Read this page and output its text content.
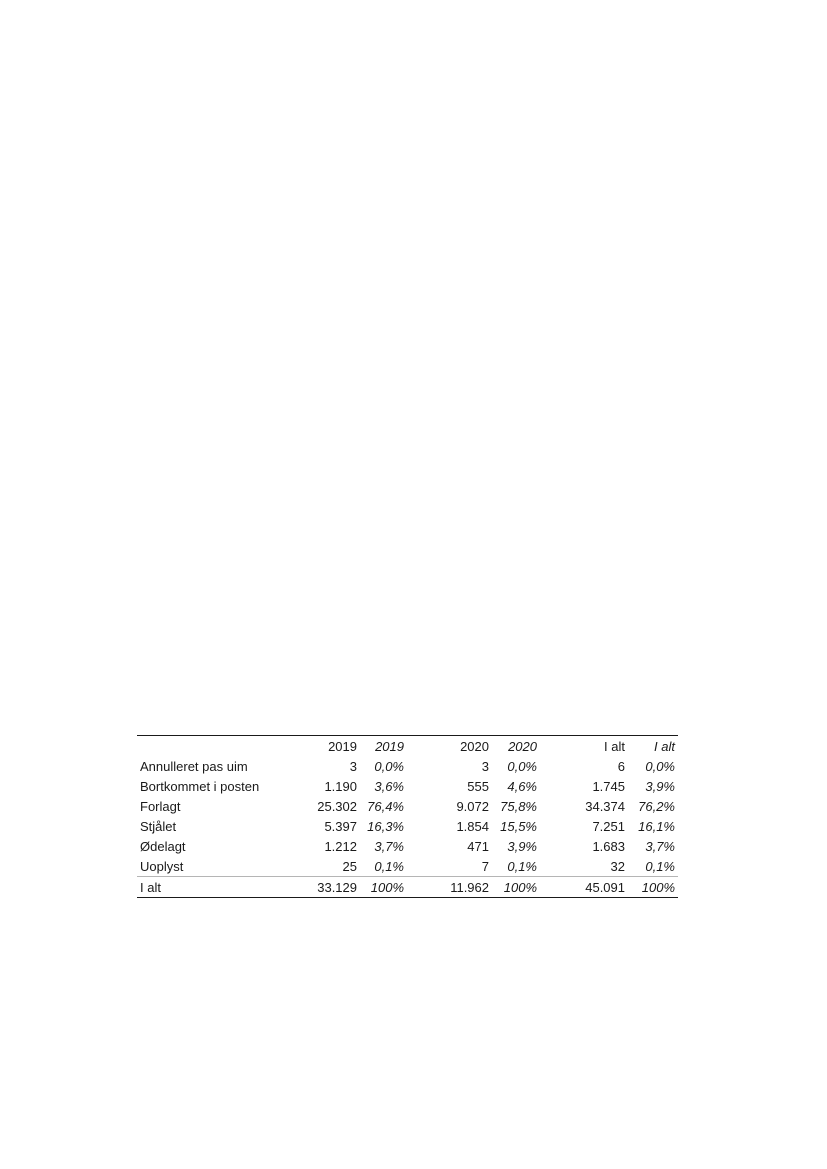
	2019	2019	2020	2020	I alt	I alt
Annulleret pas uim	3	0,0%	3	0,0%	6	0,0%
Bortkommet i posten	1.190	3,6%	555	4,6%	1.745	3,9%
Forlagt	25.302	76,4%	9.072	75,8%	34.374	76,2%
Stjålet	5.397	16,3%	1.854	15,5%	7.251	16,1%
Ødelagt	1.212	3,7%	471	3,9%	1.683	3,7%
Uoplyst	25	0,1%	7	0,1%	32	0,1%
I alt	33.129	100%	11.962	100%	45.091	100%
